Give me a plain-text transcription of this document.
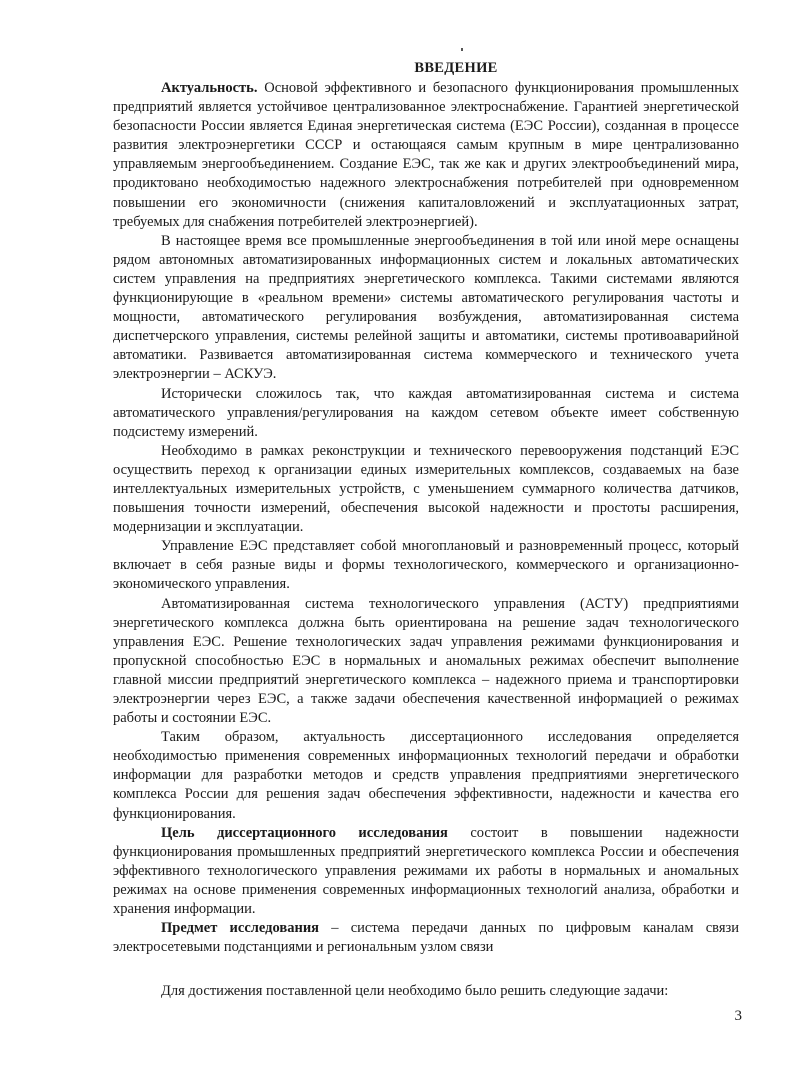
ВВЕДЕНИЕ

Актуальность. Основой эффективного и безопасного функционирования промышленных предприятий является устойчивое централизованное электроснабжение. Гарантией энергетической безопасности России является Единая энергетическая система (ЕЭС России), созданная в процессе развития электроэнергетики СССР и остающаяся самым крупным в мире централизованно управляемым энергообъединением. Создание ЕЭС, так же как и других электрообъединений мира, продиктовано необходимостью надежного электроснабжения потребителей при одновременном повышении его экономичности (снижения капиталовложений и эксплуатационных затрат, требуемых для снабжения потребителей электроэнергией).

В настоящее время все промышленные энергообъединения в той или иной мере оснащены рядом автономных автоматизированных информационных систем и локальных автоматических систем управления на предприятиях энергетического комплекса. Такими системами являются функционирующие в «реальном времени» системы автоматического регулирования частоты и мощности, автоматического регулирования возбуждения, автоматизированная система диспетчерского управления, системы релейной защиты и автоматики, системы противоаварийной автоматики. Развивается автоматизированная система коммерческого и технического учета электроэнергии – АСКУЭ.

Исторически сложилось так, что каждая автоматизированная система и система автоматического управления/регулирования на каждом сетевом объекте имеет собственную подсистему измерений.

Необходимо в рамках реконструкции и технического перевооружения подстанций ЕЭС осуществить переход к организации единых измерительных комплексов, создаваемых на базе интеллектуальных измерительных устройств, с уменьшением суммарного количества датчиков, повышения точности измерений, обеспечения высокой надежности и простоты расширения, модернизации и эксплуатации.

Управление ЕЭС представляет собой многоплановый и разновременный процесс, который включает в себя разные виды и формы технологического, коммерческого и организационно-экономического управления.

Автоматизированная система технологического управления (АСТУ) предприятиями энергетического комплекса должна быть ориентирована на решение задач технологического управления ЕЭС. Решение технологических задач управления режимами функционирования и пропускной способностью ЕЭС в нормальных и аномальных режимах обеспечит выполнение главной миссии предприятий энергетического комплекса – надежного приема и транспортировки электроэнергии через ЕЭС, а также задачи обеспечения качественной информацией о режимах работы и состоянии ЕЭС.

Таким образом, актуальность диссертационного исследования определяется необходимостью применения современных информационных технологий передачи и обработки информации для разработки методов и средств управления предприятиями энергетического комплекса России для решения задач обеспечения эффективности, надежности и качества его функционирования.

Цель диссертационного исследования состоит в повышении надежности функционирования промышленных предприятий энергетического комплекса России и обеспечения эффективного технологического управления режимами их работы в нормальных и аномальных режимах на основе применения современных информационных технологий анализа, обработки и хранения информации.

Предмет исследования – система передачи данных по цифровым каналам связи электросетевыми подстанциями и региональным узлом связи

Для достижения поставленной цели необходимо было решить следующие задачи:

3
